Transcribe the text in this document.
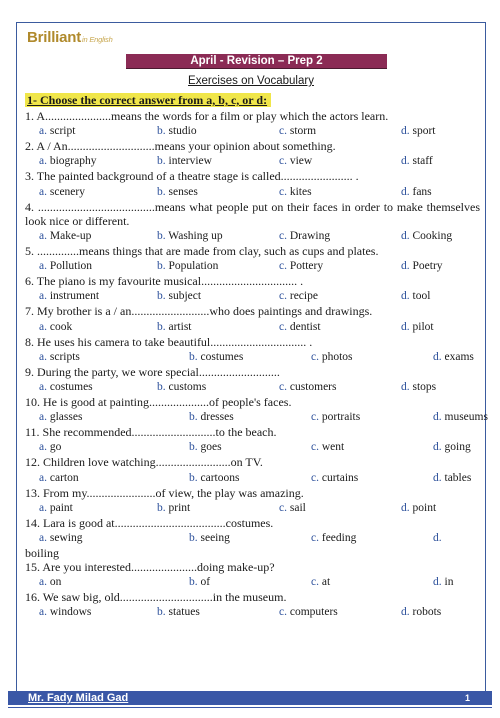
Brilliantin English
April - Revision – Prep 2
Exercises on Vocabulary
1- Choose the correct answer from a, b, c, or d:
1. A......................means the words for a film or play which the actors learn.
a. script	b. studio	c. storm	d. sport
2. A / An.............................means your opinion about something.
a. biography	b. interview	c. view	d. staff
3. The painted background of a theatre stage is called........................ .
a. scenery	b. senses	c. kites	d. fans
4. .......................................means what people put on their faces in order to make themselves look nice or different.
a. Make-up	b. Washing up	c. Drawing	d. Cooking
5. ..............means things that are made from clay, such as cups and plates.
a. Pollution	b. Population	c. Pottery	d. Poetry
6. The piano is my favourite musical................................ .
a. instrument	b. subject	c. recipe	d. tool
7. My brother is a / an..........................who does paintings and drawings.
a. cook	b. artist	c. dentist	d. pilot
8. He uses his camera to take beautiful................................ .
a. scripts	b. costumes	c. photos	d. exams
9. During the party, we wore special...........................
a. costumes	b. customs	c. customers	d. stops
10. He is good at painting....................of people's faces.
a. glasses	b. dresses	c. portraits	d. museums
11. She recommended............................to the beach.
a. go	b. goes	c. went	d. going
12. Children love watching.........................on TV.
a. carton	b. cartoons	c. curtains	d. tables
13. From my.......................of view, the play was amazing.
a. paint	b. print	c. sail	d. point
14. Lara is good at.....................................costumes.
a. sewing	b. seeing	c. feeding	d.
boiling
15. Are you interested......................doing make-up?
a. on	b. of	c. at	d. in
16. We saw big, old...............................in the museum.
a. windows	b. statues	c. computers	d. robots
Mr. Fady Milad Gad	1
